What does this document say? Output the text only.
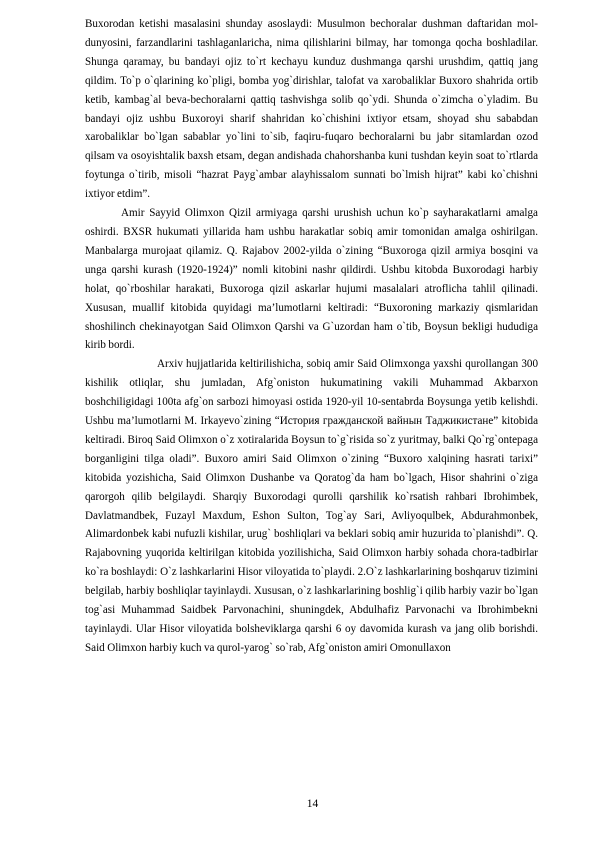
Buxorodan ketishi masalasini shunday asoslaydi: Musulmon bechoralar dushman daftaridan mol-dunyosini, farzandlarini tashlaganlaricha, nima qilishlarini bilmay, har tomonga qocha boshladilar. Shunga qaramay, bu bandayi ojiz to`rt kechayu kunduz dushmanga qarshi urushdim, qattiq jang qildim. To`p o`qlarining ko`pligi, bomba yog`dirishlar, talofat va xarobaliklar Buxoro shahrida ortib ketib, kambag`al beva-bechoralarni qattiq tashvishga solib qo`ydi. Shunda o`zimcha o`yladim. Bu bandayi ojiz ushbu Buxoroyi sharif shahridan ko`chishini ixtiyor etsam, shoyad shu sababdan xarobaliklar bo`lgan sabablar yo`lini to`sib, faqiru-fuqaro bechoralarni bu jabr sitamlardan ozod qilsam va osoyishtalik baxsh etsam, degan andishada chahorshanba kuni tushdan keyin soat to`rtlarda foytunga o`tirib, misoli “hazrat Payg`ambar alayhissalom sunnati bo`lmish hijrat” kabi ko`chishni ixtiyor etdim”.

Amir Sayyid Olimxon Qizil armiyaga qarshi urushish uchun ko`p sayharakatlarni amalga oshirdi. BXSR hukumati yillarida ham ushbu harakatlar sobiq amir tomonidan amalga oshirilgan. Manbalarga murojaat qilamiz. Q. Rajabov 2002-yilda o`zining “Buxoroga qizil armiya bosqini va unga qarshi kurash (1920-1924)” nomli kitobini nashr qildirdi. Ushbu kitobda Buxorodagi harbiy holat, qo`rboshilar harakati, Buxoroga qizil askarlar hujumi masalalari atroflicha tahlil qilinadi. Xususan, muallif kitobida quyidagi ma’lumotlarni keltiradi: “Buxoroning markaziy qismlaridan shoshilinch chekinayotgan Said Olimxon Qarshi va G`uzordan ham o`tib, Boysun bekligi hududiga kirib bordi.

Arxiv hujjatlarida keltirilishicha, sobiq amir Said Olimxonga yaxshi qurollangan 300 kishilik otliqlar, shu jumladan, Afg`oniston hukumatining vakili Muhammad Akbarxon boshchiligidagi 100ta afg`on sarbozi himoyasi ostida 1920-yil 10-sentabrda Boysunga yetib kelishdi. Ushbu ma’lumotlarni M. Irkayevo`zining “История гражданской вайнын Таджикистане” kitobida keltiradi. Biroq Said Olimxon o`z xotiralarida Boysun to`g`risida so`z yuritmay, balki Qo`rg`ontepaga borganligini tilga oladi”. Buxoro amiri Said Olimxon o`zining “Buxoro xalqining hasrati tarixi” kitobida yozishicha, Said Olimxon Dushanbe va Qoratog`da ham bo`lgach, Hisor shahrini o`ziga qarorgoh qilib belgilaydi. Sharqiy Buxorodagi qurolli qarshilik ko`rsatish rahbari Ibrohimbek, Davlatmandbek, Fuzayl Maxdum, Eshon Sulton, Tog`ay Sari, Avliyoqulbek, Abdurahmonbek, Alimardonbek kabi nufuzli kishilar, urug` boshliqlari va beklari sobiq amir huzurida to`planishdi”. Q. Rajabovning yuqorida keltirilgan kitobida yozilishicha, Said Olimxon harbiy sohada chora-tadbirlar ko`ra boshlaydi: O`z lashkarlarini Hisor viloyatida to`playdi. 2.O`z lashkarlarining boshqaruv tizimini belgilab, harbiy boshliqlar tayinlaydi. Xususan, o`z lashkarlarining boshlig`i qilib harbiy vazir bo`lgan tog`asi Muhammad Saidbek Parvonachini, shuningdek, Abdulhafiz Parvonachi va Ibrohimbekni tayinlaydi. Ular Hisor viloyatida bolsheviklarga qarshi 6 oy davomida kurash va jang olib borishdi. Said Olimxon harbiy kuch va qurol-yarog` so`rab, Afg`oniston amiri Omonullaxon

14
